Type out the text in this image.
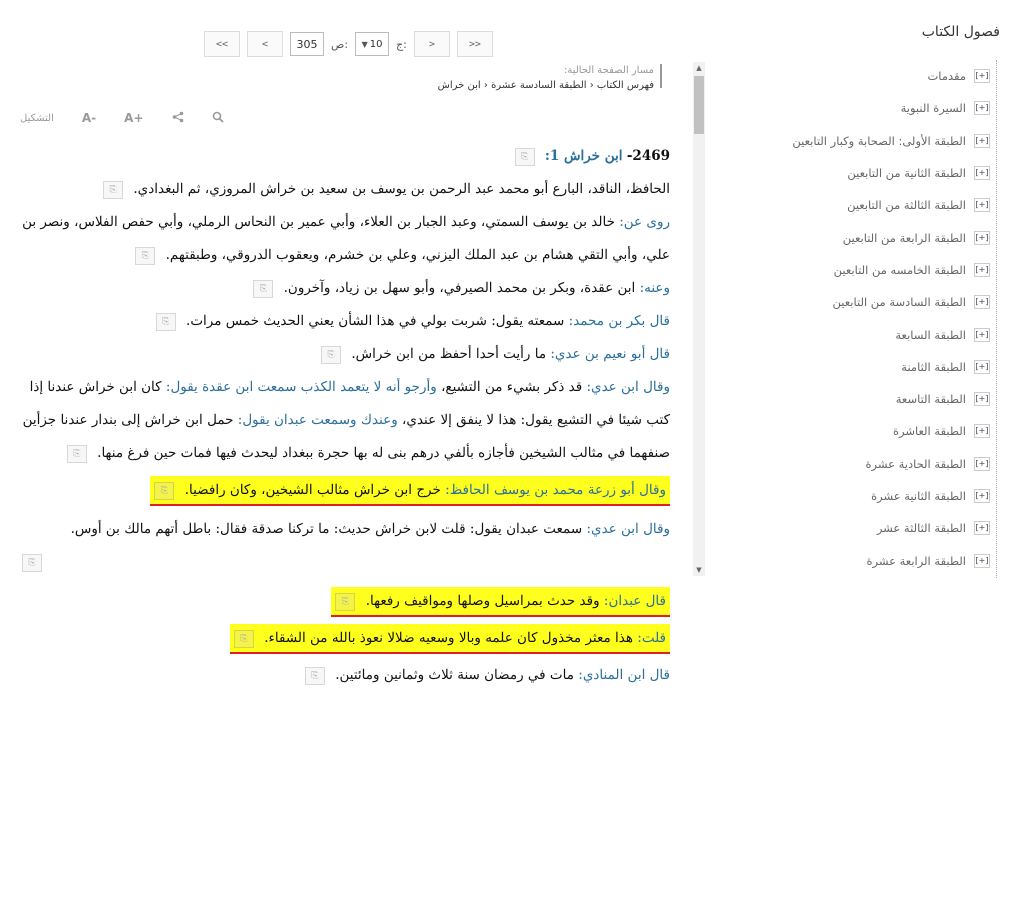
<<	<	305	ص: ▼ 10 ج:	>	>>
مسار الصفحة الحالية:
فهرس الكتاب ‹ الطبقة السادسة عشرة ‹ ابن خراش
التشكيل A- A+
▲
▼
2469- ابن خراش 1: ⎘
الحافظ، الناقد، البارع أبو محمد عبد الرحمن بن يوسف بن سعيد بن خراش المروزي، ثم البغدادي. ⎘
روى عن: خالد بن يوسف السمتي، وعبد الجبار بن العلاء، وأبي عمير بن النحاس الرملي، وأبي حفص الفلاس، ونصر بن علي، وأبي التقي هشام بن عبد الملك اليزني، وعلي بن خشرم، ويعقوب الدروقي، وطبقتهم. ⎘
وعنه: ابن عقدة، وبكر بن محمد الصيرفي، وأبو سهل بن زياد، وآخرون. ⎘
قال بكر بن محمد: سمعته يقول: شربت بولي في هذا الشأن يعني الحديث خمس مرات. ⎘
قال أبو نعيم بن عدي: ما رأيت أحدا أحفظ من ابن خراش. ⎘
وقال ابن عدي: قد ذكر بشيء من التشيع، وأرجو أنه لا يتعمد الكذب سمعت ابن عقدة يقول: كان ابن خراش عندنا إذا كتب شيئا في التشيع يقول: هذا لا ينفق إلا عندي، وعندك وسمعت عبدان يقول: حمل ابن خراش إلى بندار عندنا جزأين صنفهما في مثالب الشيخين فأجازه بألفي درهم بنى له بها حجرة ببغداد ليحدث فيها فمات حين فرغ منها. ⎘
وقال أبو زرعة محمد بن يوسف الحافظ: خرج ابن خراش مثالب الشيخين، وكان رافضيا. ⎘
وقال ابن عدي: سمعت عبدان يقول: قلت لابن خراش حديث: ما تركنا صدقة فقال: باطل أتهم مالك بن أوس.
⎘
قال عبدان: وقد حدث بمراسيل وصلها ومواقيف رفعها. ⎘
قلت: هذا معثر مخذول كان علمه وبالا وسعيه ضلالا نعوذ بالله من الشقاء. ⎘
قال ابن المنادي: مات في رمضان سنة ثلاث وثمانين ومائتين. ⎘
فصول الكتاب
[+]
مقدمات
[+]
السيرة النبوية
[+]
الطبقة الأولى: الصحابة وكبار التابعين
[+]
الطبقة الثانية من التابعين
[+]
الطبقة الثالثة من التابعين
[+]
الطبقة الرابعة من التابعين
[+]
الطبقة الخامسه من التابعين
[+]
الطبقة السادسة من التابعين
[+]
الطبقة السابعة
[+]
الطبقة الثامنة
[+]
الطبقة التاسعة
[+]
الطبقة العاشرة
[+]
الطبقة الحادية عشرة
[+]
الطبقة الثانية عشرة
[+]
الطبقة الثالثة عشر
[+]
الطبقة الرابعة عشرة
